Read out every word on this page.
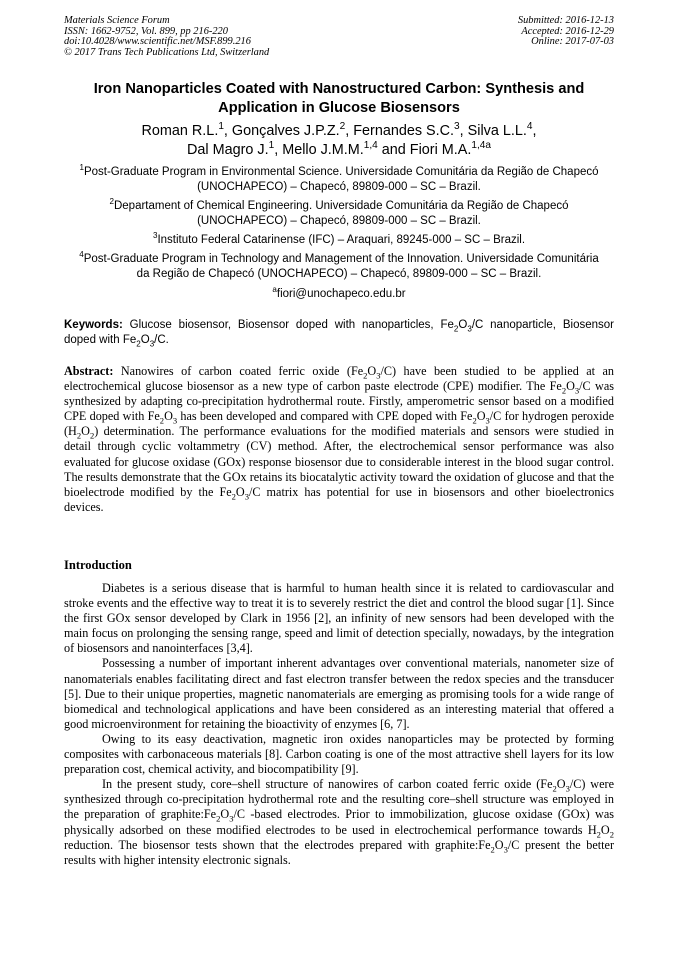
Materials Science Forum
ISSN: 1662-9752, Vol. 899, pp 216-220
doi:10.4028/www.scientific.net/MSF.899.216
© 2017 Trans Tech Publications Ltd, Switzerland
Submitted: 2016-12-13
Accepted: 2016-12-29
Online: 2017-07-03
Iron Nanoparticles Coated with Nanostructured Carbon: Synthesis and Application in Glucose Biosensors
Roman R.L.$^1$, Gonçalves J.P.Z.$^2$, Fernandes S.C.$^3$, Silva L.L.$^4$,
Dal Magro J.$^1$, Mello J.M.M.$^{1,4}$ and Fiori M.A.$^{1,4a}$

$^1$Post-Graduate Program in Environmental Science. Universidade Comunitária da Região de Chapecó (UNOCHAPECO) – Chapecó, 89809-000 – SC – Brazil.

$^2$Departament of Chemical Engineering. Universidade Comunitária da Região de Chapecó (UNOCHAPECO) – Chapecó, 89809-000 – SC – Brazil.

$^3$Instituto Federal Catarinense (IFC) – Araquari, 89245-000 – SC – Brazil.

$^4$Post-Graduate Program in Technology and Management of the Innovation. Universidade Comunitária da Região de Chapecó (UNOCHAPECO) – Chapecó, 89809-000 – SC – Brazil.

$^a$fiori@unochapeco.edu.br

Keywords: Glucose biosensor, Biosensor doped with nanoparticles, $Fe_2O_3/C$ nanoparticle, Biosensor doped with $Fe_2O_3/C$.
Abstract: Nanowires of carbon coated ferric oxide $(Fe_2O_3/C)$ have been studied to be applied at an electrochemical glucose biosensor as a new type of carbon paste electrode (CPE) modifier. The $Fe_2O_3/C$ was synthesized by adapting co-precipitation hydrothermal route. Firstly, amperometric sensor based on a modified CPE doped with $Fe_2O_3$ has been developed and compared with CPE doped with $Fe_2O_3/C$ for hydrogen peroxide $(H_2O_2)$ determination. The performance evaluations for the modified materials and sensors were studied in detail through cyclic voltammetry (CV) method. After, the electrochemical sensor performance was also evaluated for glucose oxidase (GOx) response biosensor due to considerable interest in the blood sugar control. The results demonstrate that the GOx retains its biocatalytic activity toward the oxidation of glucose and that the bioelectrode modified by the $Fe_2O_3/C$ matrix has potential for use in biosensors and other bioelectronics devices.
Introduction

Diabetes is a serious disease that is harmful to human health since it is related to cardiovascular and stroke events and the effective way to treat it is to severely restrict the diet and control the blood sugar [1]. Since the first GOx sensor developed by Clark in 1956 [2], an infinity of new sensors had been developed with the main focus on prolonging the sensing range, speed and limit of detection specially, nowadays, by the integration of biosensors and nanointerfaces [3,4].

Possessing a number of important inherent advantages over conventional materials, nanometer size of nanomaterials enables facilitating direct and fast electron transfer between the redox species and the transducer [5]. Due to their unique properties, magnetic nanomaterials are emerging as promising tools for a wide range of biomedical and technological applications and have been considered as an interesting material that offered a good microenvironment for retaining the bioactivity of enzymes [6, 7].

Owing to its easy deactivation, magnetic iron oxides nanoparticles may be protected by forming composites with carbonaceous materials [8]. Carbon coating is one of the most attractive shell layers for its low preparation cost, chemical activity, and biocompatibility [9].

In the present study, core–shell structure of nanowires of carbon coated ferric oxide $(Fe_2O_3/C)$ were synthesized through co-precipitation hydrothermal rote and the resulting core–shell structure was employed in the preparation of $graphite:Fe_2O_3/C$ -based electrodes. Prior to immobilization, glucose oxidase (GOx) was physically adsorbed on these modified electrodes to be used in electrochemical performance towards $H_2O_2$ reduction. The biosensor tests shown that the electrodes prepared with $graphite:Fe_2O_3/C$ present the better results with higher intensity electronic signals.
